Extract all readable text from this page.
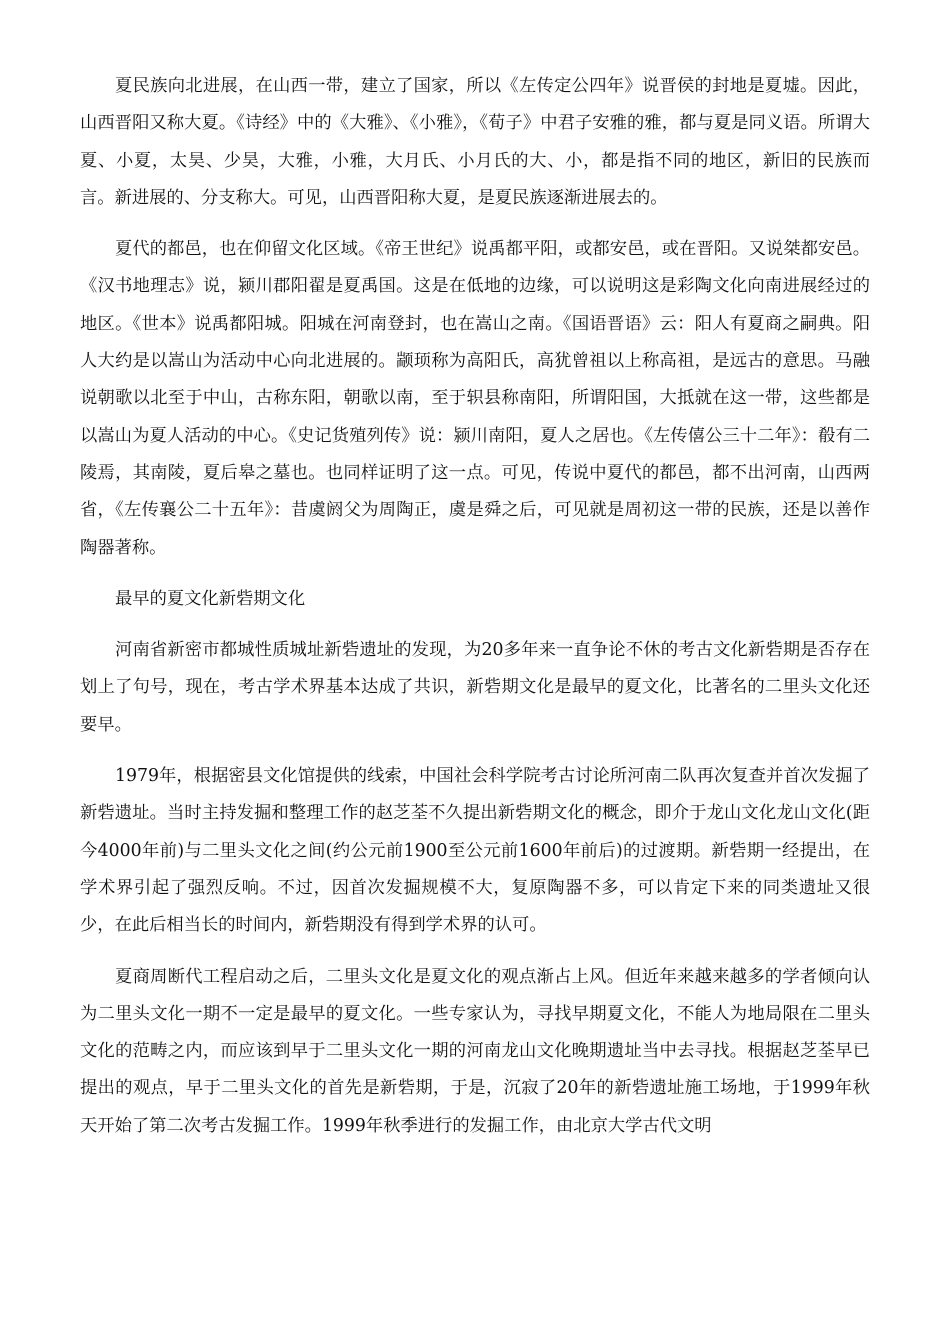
夏民族向北进展，在山西一带，建立了国家，所以《左传定公四年》说晋侯的封地是夏墟。因此，山西晋阳又称大夏。《诗经》中的《大雅》、《小雅》，《荀子》中君子安雅的雅，都与夏是同义语。所谓大夏、小夏，太昊、少昊，大雅，小雅，大月氏、小月氏的大、小，都是指不同的地区，新旧的民族而言。新进展的、分支称大。可见，山西晋阳称大夏，是夏民族逐渐进展去的。

夏代的都邑，也在仰留文化区域。《帝王世纪》说禹都平阳，或都安邑，或在晋阳。又说桀都安邑。《汉书地理志》说，颍川郡阳翟是夏禹国。这是在低地的边缘，可以说明这是彩陶文化向南进展经过的地区。《世本》说禹都阳城。阳城在河南登封，也在嵩山之南。《国语晋语》云：阳人有夏商之嗣典。阳人大约是以嵩山为活动中心向北进展的。颛顼称为高阳氏，高犹曾祖以上称高祖，是远古的意思。马融说朝歌以北至于中山，古称东阳，朝歌以南，至于轵县称南阳，所谓阳国，大抵就在这一带，这些都是以嵩山为夏人活动的中心。《史记货殖列传》说：颍川南阳，夏人之居也。《左传僖公三十二年》：殽有二陵焉，其南陵，夏后皋之墓也。也同样证明了这一点。可见，传说中夏代的都邑，都不出河南，山西两省，《左传襄公二十五年》：昔虞阏父为周陶正，虞是舜之后，可见就是周初这一带的民族，还是以善作陶器著称。

最早的夏文化新砦期文化

河南省新密市都城性质城址新砦遗址的发现，为20多年来一直争论不休的考古文化新砦期是否存在划上了句号，现在，考古学术界基本达成了共识，新砦期文化是最早的夏文化，比著名的二里头文化还要早。

1979年，根据密县文化馆提供的线索，中国社会科学院考古讨论所河南二队再次复查并首次发掘了新砦遗址。当时主持发掘和整理工作的赵芝荃不久提出新砦期文化的概念，即介于龙山文化龙山文化(距今4000年前)与二里头文化之间(约公元前1900至公元前1600年前后)的过渡期。新砦期一经提出，在学术界引起了强烈反响。不过，因首次发掘规模不大，复原陶器不多，可以肯定下来的同类遗址又很少，在此后相当长的时间内，新砦期没有得到学术界的认可。

夏商周断代工程启动之后，二里头文化是夏文化的观点渐占上风。但近年来越来越多的学者倾向认为二里头文化一期不一定是最早的夏文化。一些专家认为，寻找早期夏文化，不能人为地局限在二里头文化的范畴之内，而应该到早于二里头文化一期的河南龙山文化晚期遗址当中去寻找。根据赵芝荃早已提出的观点，早于二里头文化的首先是新砦期，于是，沉寂了20年的新砦遗址施工场地，于1999年秋天开始了第二次考古发掘工作。1999年秋季进行的发掘工作，由北京大学古代文明
